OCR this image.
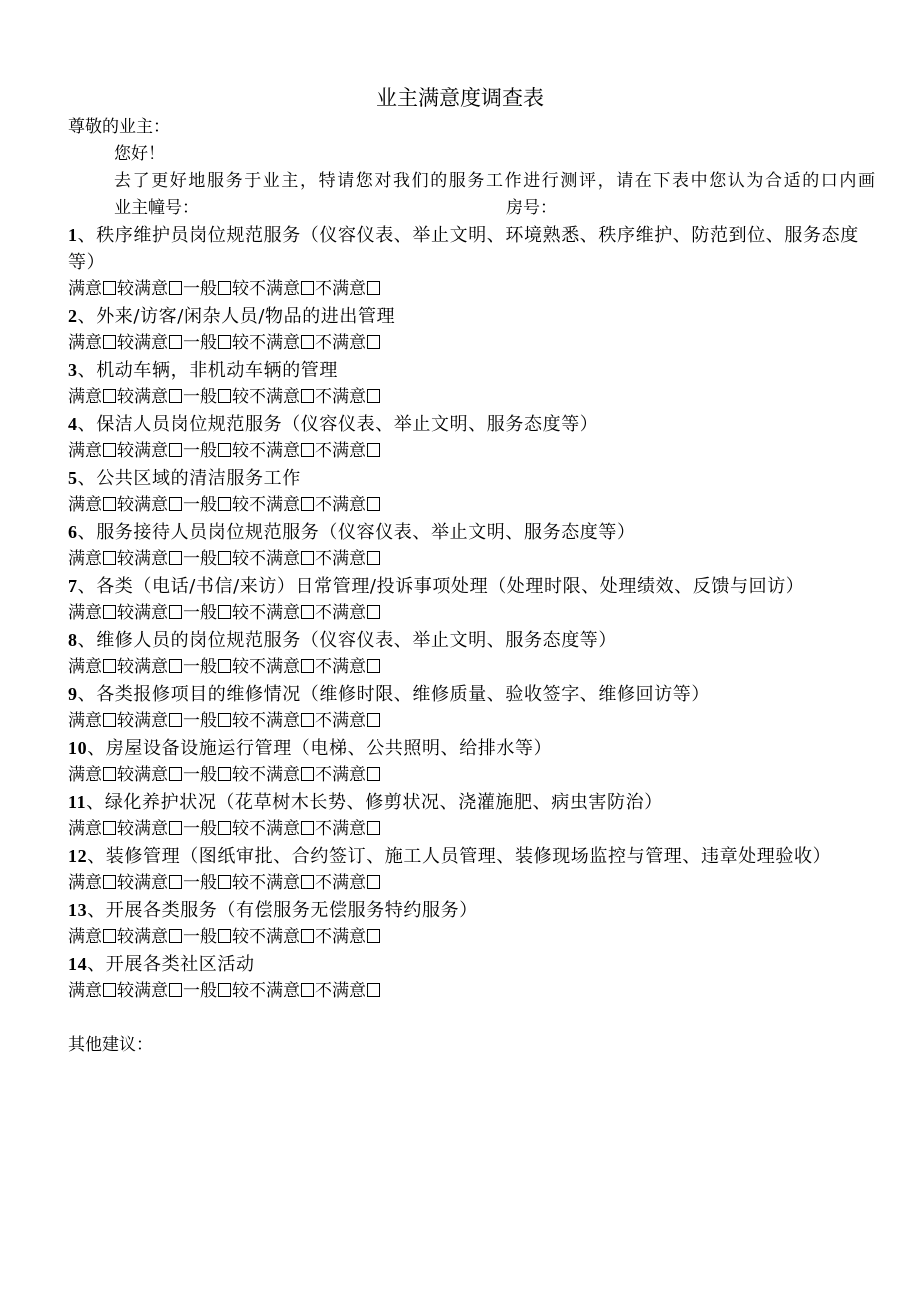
业主满意度调查表

尊敬的业主：

您好！

去了更好地服务于业主，特请您对我们的服务工作进行测评，请在下表中您认为合适的口内画

业主幢号：	房号：

1、秩序维护员岗位规范服务（仪容仪表、举止文明、环境熟悉、秩序维护、防范到位、服务态度等）

满意 较满意 一般 较不满意 不满意

2、外来/访客/闲杂人员/物品的进出管理

满意 较满意 一般 较不满意 不满意

3、机动车辆，非机动车辆的管理

满意 较满意 一般 较不满意 不满意

4、保洁人员岗位规范服务（仪容仪表、举止文明、服务态度等）

满意 较满意 一般 较不满意 不满意

5、公共区域的清洁服务工作

满意 较满意 一般 较不满意 不满意

6、服务接待人员岗位规范服务（仪容仪表、举止文明、服务态度等）

满意 较满意 一般 较不满意 不满意

7、各类（电话/书信/来访）日常管理/投诉事项处理（处理时限、处理绩效、反馈与回访）

满意 较满意 一般 较不满意 不满意

8、维修人员的岗位规范服务（仪容仪表、举止文明、服务态度等）

满意 较满意 一般 较不满意 不满意

9、各类报修项目的维修情况（维修时限、维修质量、验收签字、维修回访等）

满意 较满意 一般 较不满意 不满意

10、房屋设备设施运行管理（电梯、公共照明、给排水等）

满意 较满意 一般 较不满意 不满意

11、绿化养护状况（花草树木长势、修剪状况、浇灌施肥、病虫害防治）

满意 较满意 一般 较不满意 不满意

12、装修管理（图纸审批、合约签订、施工人员管理、装修现场监控与管理、违章处理验收）

满意 较满意 一般 较不满意 不满意

13、开展各类服务（有偿服务无偿服务特约服务）

满意 较满意 一般 较不满意 不满意

14、开展各类社区活动

满意 较满意 一般 较不满意 不满意

其他建议：
